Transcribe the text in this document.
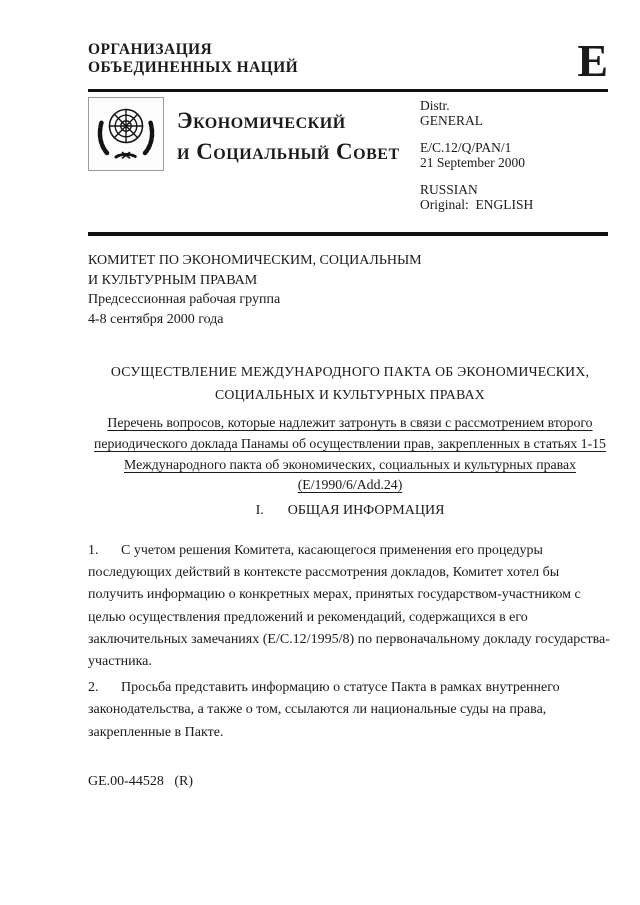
ОРГАНИЗАЦИЯ
ОБЪЕДИНЕННЫХ НАЦИЙ	E
Экономический
и Социальный Совет
Distr.
GENERAL
E/C.12/Q/PAN/1
21 September 2000
RUSSIAN
Original:  ENGLISH
КОМИТЕТ ПО ЭКОНОМИЧЕСКИМ, СОЦИАЛЬНЫМ
И КУЛЬТУРНЫМ ПРАВАМ
Предсессионная рабочая группа
4-8 сентября 2000 года
ОСУЩЕСТВЛЕНИЕ МЕЖДУНАРОДНОГО ПАКТА ОБ ЭКОНОМИЧЕСКИХ,
СОЦИАЛЬНЫХ И КУЛЬТУРНЫХ ПРАВАХ
Перечень вопросов, которые надлежит затронуть в связи с рассмотрением второго периодического доклада Панамы об осуществлении прав, закрепленных в статьях 1-15 Международного пакта об экономических, социальных и культурных правах
(E/1990/6/Add.24)
I. ОБЩАЯ ИНФОРМАЦИЯ
1. С учетом решения Комитета, касающегося применения его процедуры последующих действий в контексте рассмотрения докладов, Комитет хотел бы получить информацию о конкретных мерах, принятых государством-участником с целью осуществления предложений и рекомендаций, содержащихся в его заключительных замечаниях (E/C.12/1995/8) по первоначальному докладу государства-участника.
2. Просьба представить информацию о статусе Пакта в рамках внутреннего законодательства, а также о том, ссылаются ли национальные суды на права, закрепленные в Пакте.
GE.00-44528   (R)
